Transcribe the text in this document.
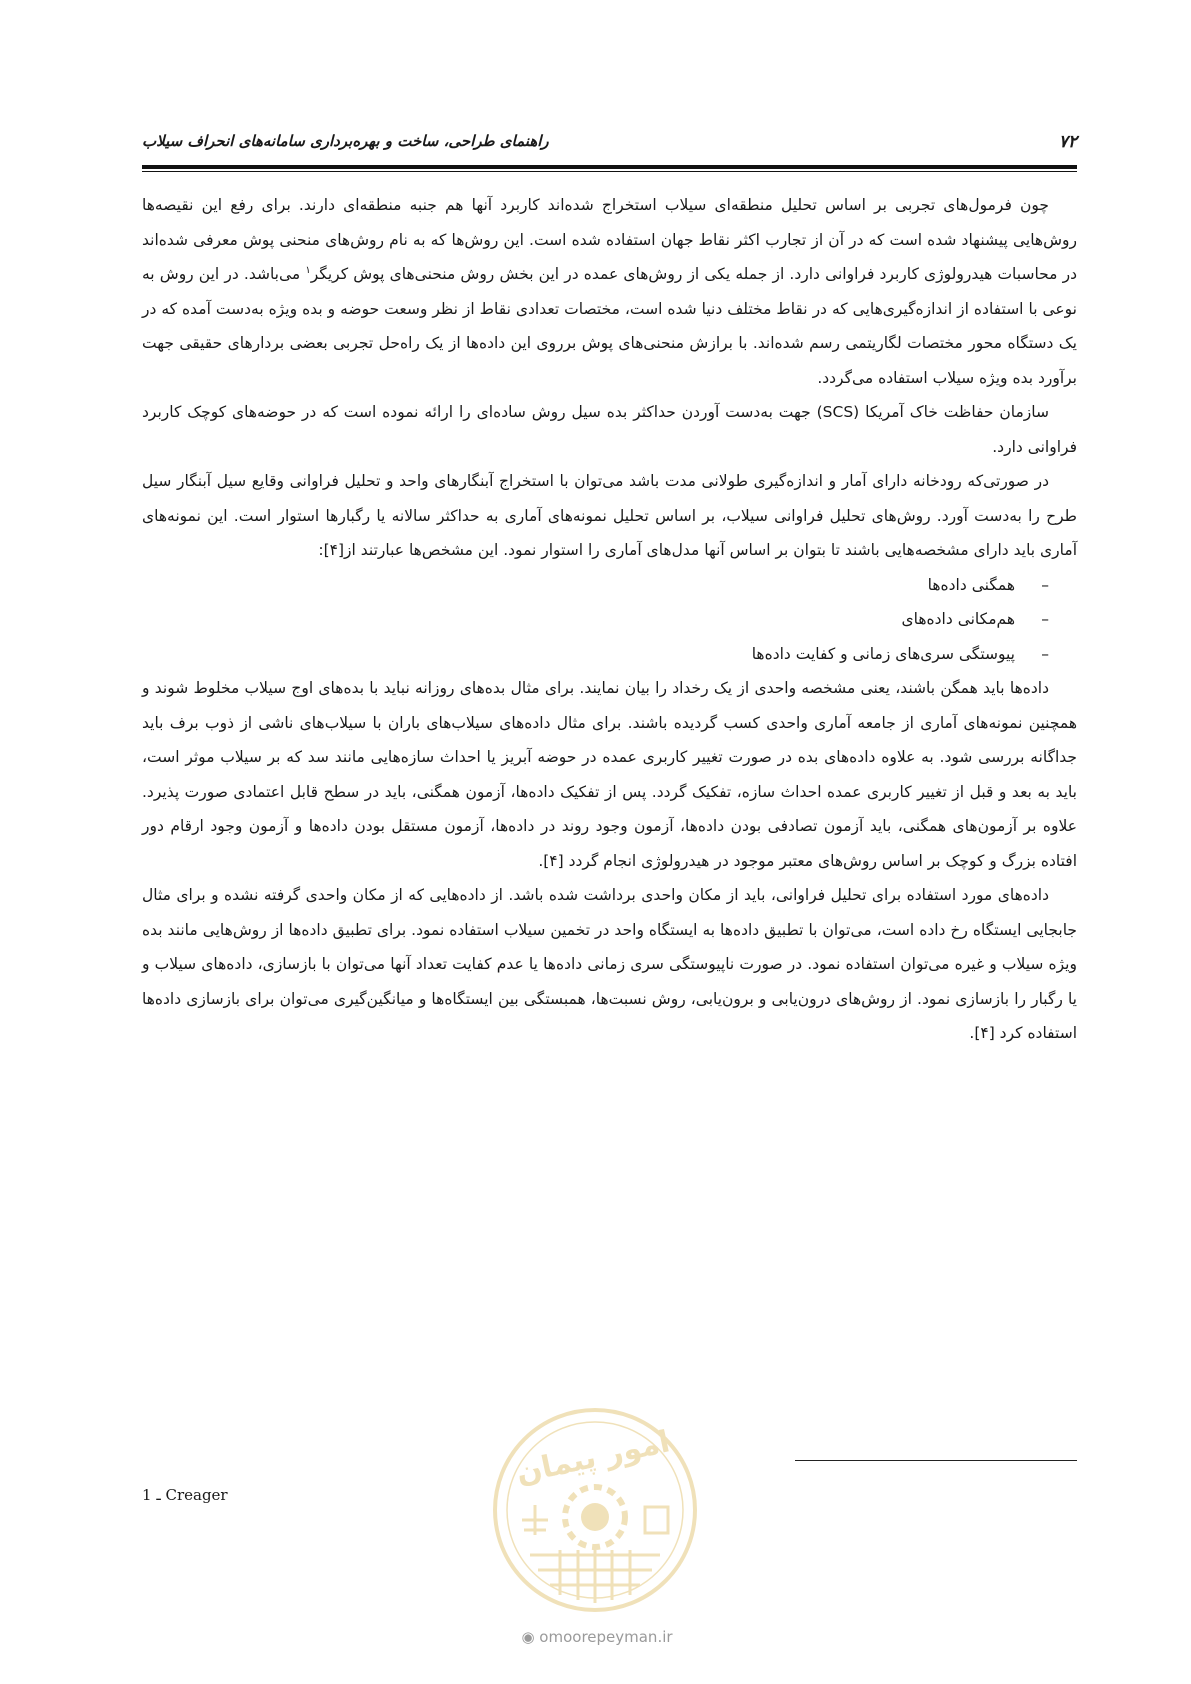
۷۲
راهنمای طراحی، ساخت و بهره‌برداری سامانه‌های انحراف سیلاب

چون فرمول‌های تجربی بر اساس تحلیل منطقه‌ای سیلاب استخراج شده‌اند کاربرد آنها هم جنبه منطقه‌ای دارند. برای رفع این نقیصه‌ها روش‌هایی پیشنهاد شده است که در آن از تجارب اکثر نقاط جهان استفاده شده است. این روش‌ها که به نام روش‌های منحنی پوش معرفی شده‌اند در محاسبات هیدرولوژی کاربرد فراوانی دارد. از جمله یکی از روش‌های عمده در این بخش روش منحنی‌های پوش کریگر$^۱$ می‌باشد. در این روش به نوعی با استفاده از اندازه‌گیری‌هایی که در نقاط مختلف دنیا شده است، مختصات تعدادی نقاط از نظر وسعت حوضه و بده ویژه به‌دست آمده که در یک دستگاه محور مختصات لگاریتمی رسم شده‌اند. با برازش منحنی‌های پوش برروی این داده‌ها از یک راه‌حل تجربی بعضی بردارهای حقیقی جهت برآورد بده ویژه سیلاب استفاده می‌گردد.

سازمان حفاظت خاک آمریکا (SCS) جهت به‌دست آوردن حداکثر بده سیل روش ساده‌ای را ارائه نموده است که در حوضه‌های کوچک کاربرد فراوانی دارد.

در صورتی‌که رودخانه دارای آمار و اندازه‌گیری طولانی مدت باشد می‌توان با استخراج آبنگارهای واحد و تحلیل فراوانی وقایع سیل آبنگار سیل طرح را به‌دست آورد. روش‌های تحلیل فراوانی سیلاب، بر اساس تحلیل نمونه‌های آماری به حداکثر سالانه یا رگبارها استوار است. این نمونه‌های آماری باید دارای مشخصه‌هایی باشند تا بتوان بر اساس آنها مدل‌های آماری را استوار نمود. این مشخص‌ها عبارتند از[۴]:

–همگنی داده‌ها
–هم‌مکانی داده‌های
–پیوستگی سری‌های زمانی و کفایت داده‌ها

داده‌ها باید همگن باشند، یعنی مشخصه واحدی از یک رخداد را بیان نمایند. برای مثال بده‌های روزانه نباید با بده‌های اوج سیلاب مخلوط شوند و همچنین نمونه‌های آماری از جامعه آماری واحدی کسب گردیده باشند. برای مثال داده‌های سیلاب‌های باران با سیلاب‌های ناشی از ذوب برف باید جداگانه بررسی شود. به علاوه داده‌های بده در صورت تغییر کاربری عمده در حوضه آبریز یا احداث سازه‌هایی مانند سد که بر سیلاب موثر است، باید به بعد و قبل از تغییر کاربری عمده احداث سازه، تفکیک گردد. پس از تفکیک داده‌ها، آزمون همگنی، باید در سطح قابل اعتمادی صورت پذیرد. علاوه بر آزمون‌های همگنی، باید آزمون تصادفی بودن داده‌ها، آزمون وجود روند در داده‌ها، آزمون مستقل بودن داده‌ها و آزمون وجود ارقام دور افتاده بزرگ و کوچک بر اساس روش‌های معتبر موجود در هیدرولوژی انجام گردد [۴].

داده‌های مورد استفاده برای تحلیل فراوانی، باید از مکان واحدی برداشت شده باشد. از داده‌هایی که از مکان واحدی گرفته نشده و برای مثال جابجایی ایستگاه رخ داده است، می‌توان با تطبیق داده‌ها به ایستگاه واحد در تخمین سیلاب استفاده نمود. برای تطبیق داده‌ها از روش‌هایی مانند بده ویژه سیلاب و غیره می‌توان استفاده نمود. در صورت ناپیوستگی سری زمانی داده‌ها یا عدم کفایت تعداد آنها می‌توان با بازسازی، داده‌های سیلاب و یا رگبار را بازسازی نمود. از روش‌های درون‌یابی و برون‌یابی، روش نسبت‌ها، همبستگی بین ایستگاه‌ها و میانگین‌گیری می‌توان برای بازسازی داده‌ها استفاده کرد [۴].

امور پیمان
◉ omoorepeyman.ir
1 ـ Creager
